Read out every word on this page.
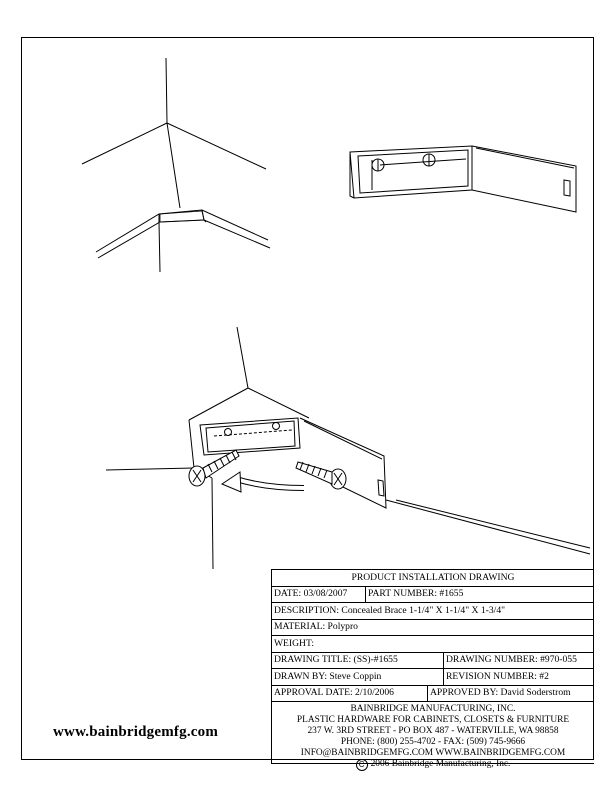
PRODUCT INSTALLATION DRAWING
DATE: 03/08/2007	PART NUMBER: #1655
DESCRIPTION: Concealed Brace 1-1/4" X 1-1/4" X 1-3/4"
MATERIAL: Polypro
WEIGHT:
DRAWING TITLE: (SS)-#1655	DRAWING NUMBER: #970-055
DRAWN BY: Steve Coppin	REVISION NUMBER: #2
APPROVAL DATE: 2/10/2006	APPROVED BY: David Soderstrom
BAINBRIDGE MANUFACTURING, INC.
PLASTIC HARDWARE FOR CABINETS, CLOSETS & FURNITURE
237 W. 3RD STREET - PO BOX 487 - WATERVILLE, WA 98858
PHONE: (800) 255-4702 - FAX: (509) 745-9666
INFO@BAINBRIDGEMFG.COM WWW.BAINBRIDGEMFG.COM
C 2006 Bainbridge Manufacturing, Inc.
www.bainbridgemfg.com
